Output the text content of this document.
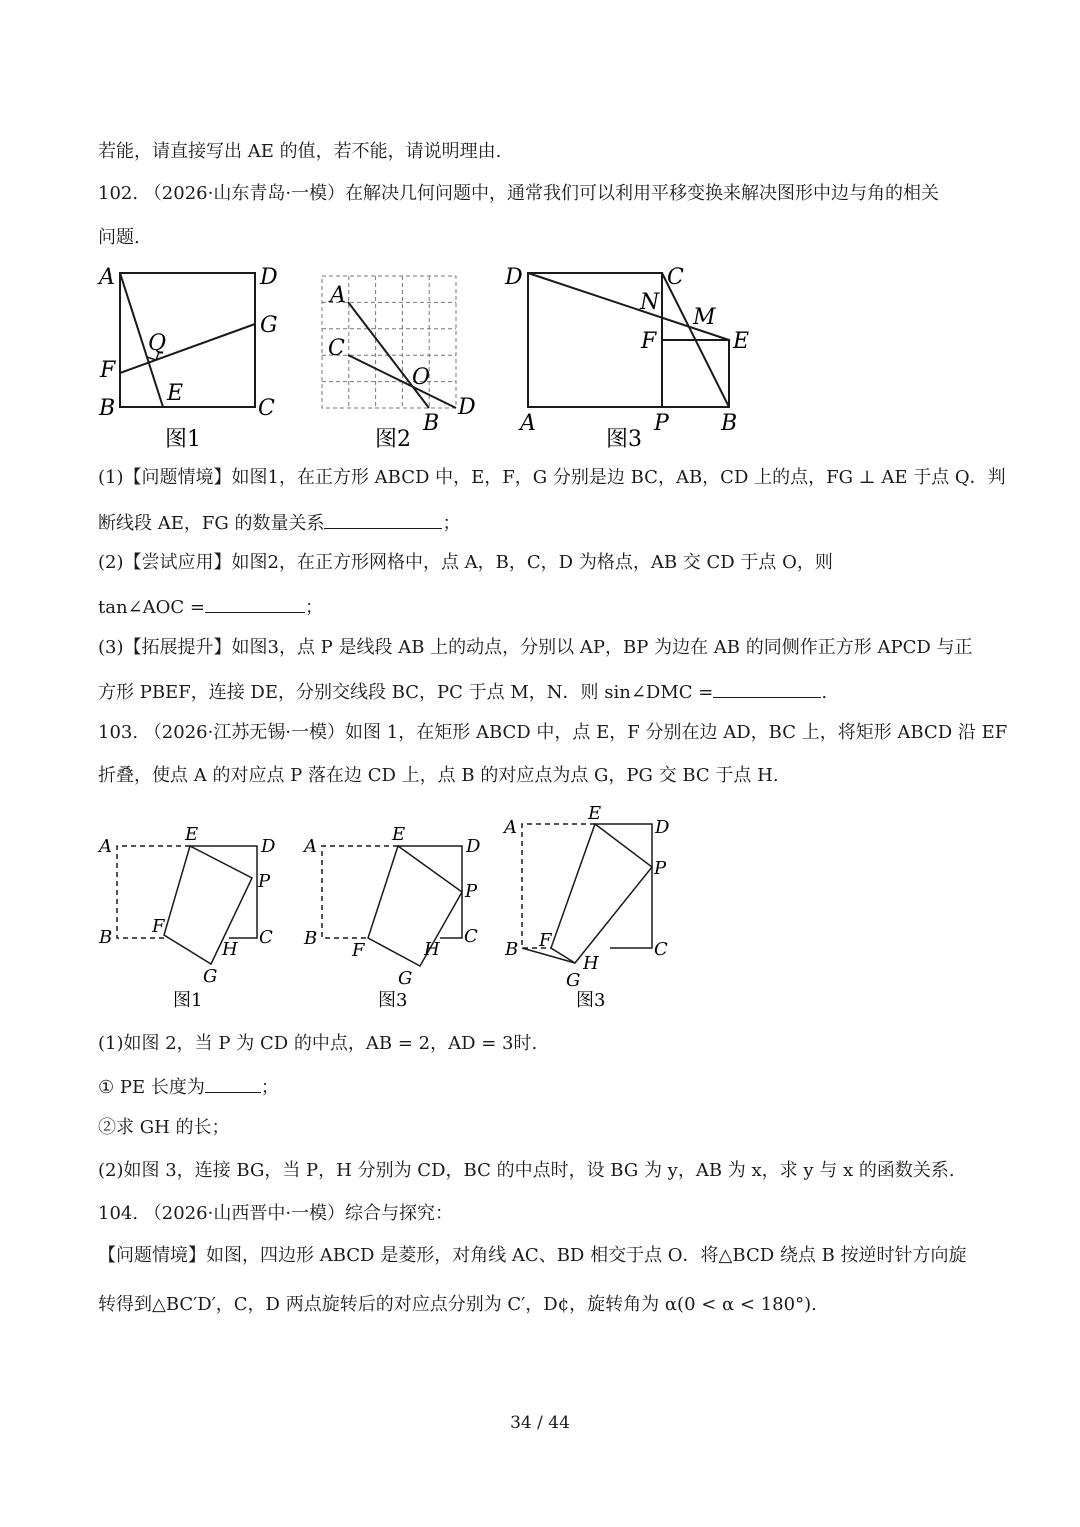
若能，请直接写出 AE 的值，若不能，请说明理由.
102. （2026·山东青岛·一模）在解决几何问题中，通常我们可以利用平移变换来解决图形中边与角的相关
问题.
A	D
G
Q
F
E
B	C
图1
A
C
O
D
B
图2
D	C
N
M
F	E
A	P B
图3
(1)【问题情境】如图1，在正方形 ABCD 中，E，F，G 分别是边 BC，AB，CD 上的点，FG ⊥ AE 于点 Q．判
断线段 AE，FG 的数量关系	；
(2)【尝试应用】如图2，在正方形网格中，点 A，B，C，D 为格点，AB 交 CD 于点 O，则
tan∠AOC =	；
(3)【拓展提升】如图3，点 P 是线段 AB 上的动点，分别以 AP，BP 为边在 AB 的同侧作正方形 APCD 与正
方形 PBEF，连接 DE，分别交线段 BC，PC 于点 M，N．则 sin∠DMC =	.
103. （2026·江苏无锡·一模）如图 1，在矩形 ABCD 中，点 E，F 分别在边 AD，BC 上，将矩形 ABCD 沿 EF
折叠，使点 A 的对应点 P 落在边 CD 上，点 B 的对应点为点 G，PG 交 BC 于点 H.
A
E
D
P
F
B	C
H
G
图1
A
E
D
P
B	C
F	H
G
图3
A
E
D
P
F
B	C
H
G
图3
(1)如图 2，当 P 为 CD 的中点，AB = 2，AD = 3时.
① PE 长度为	；
②求 GH 的长；
(2)如图 3，连接 BG，当 P，H 分别为 CD，BC 的中点时，设 BG 为 y，AB 为 x，求 y 与 x 的函数关系.
104. （2026·山西晋中·一模）综合与探究：
【问题情境】如图，四边形 ABCD 是菱形，对角线 AC、BD 相交于点 O．将△BCD 绕点 B 按逆时针方向旋
转得到△BC′D′，C，D 两点旋转后的对应点分别为 C′，D¢，旋转角为 α(0 < α < 180°).
34 / 44
